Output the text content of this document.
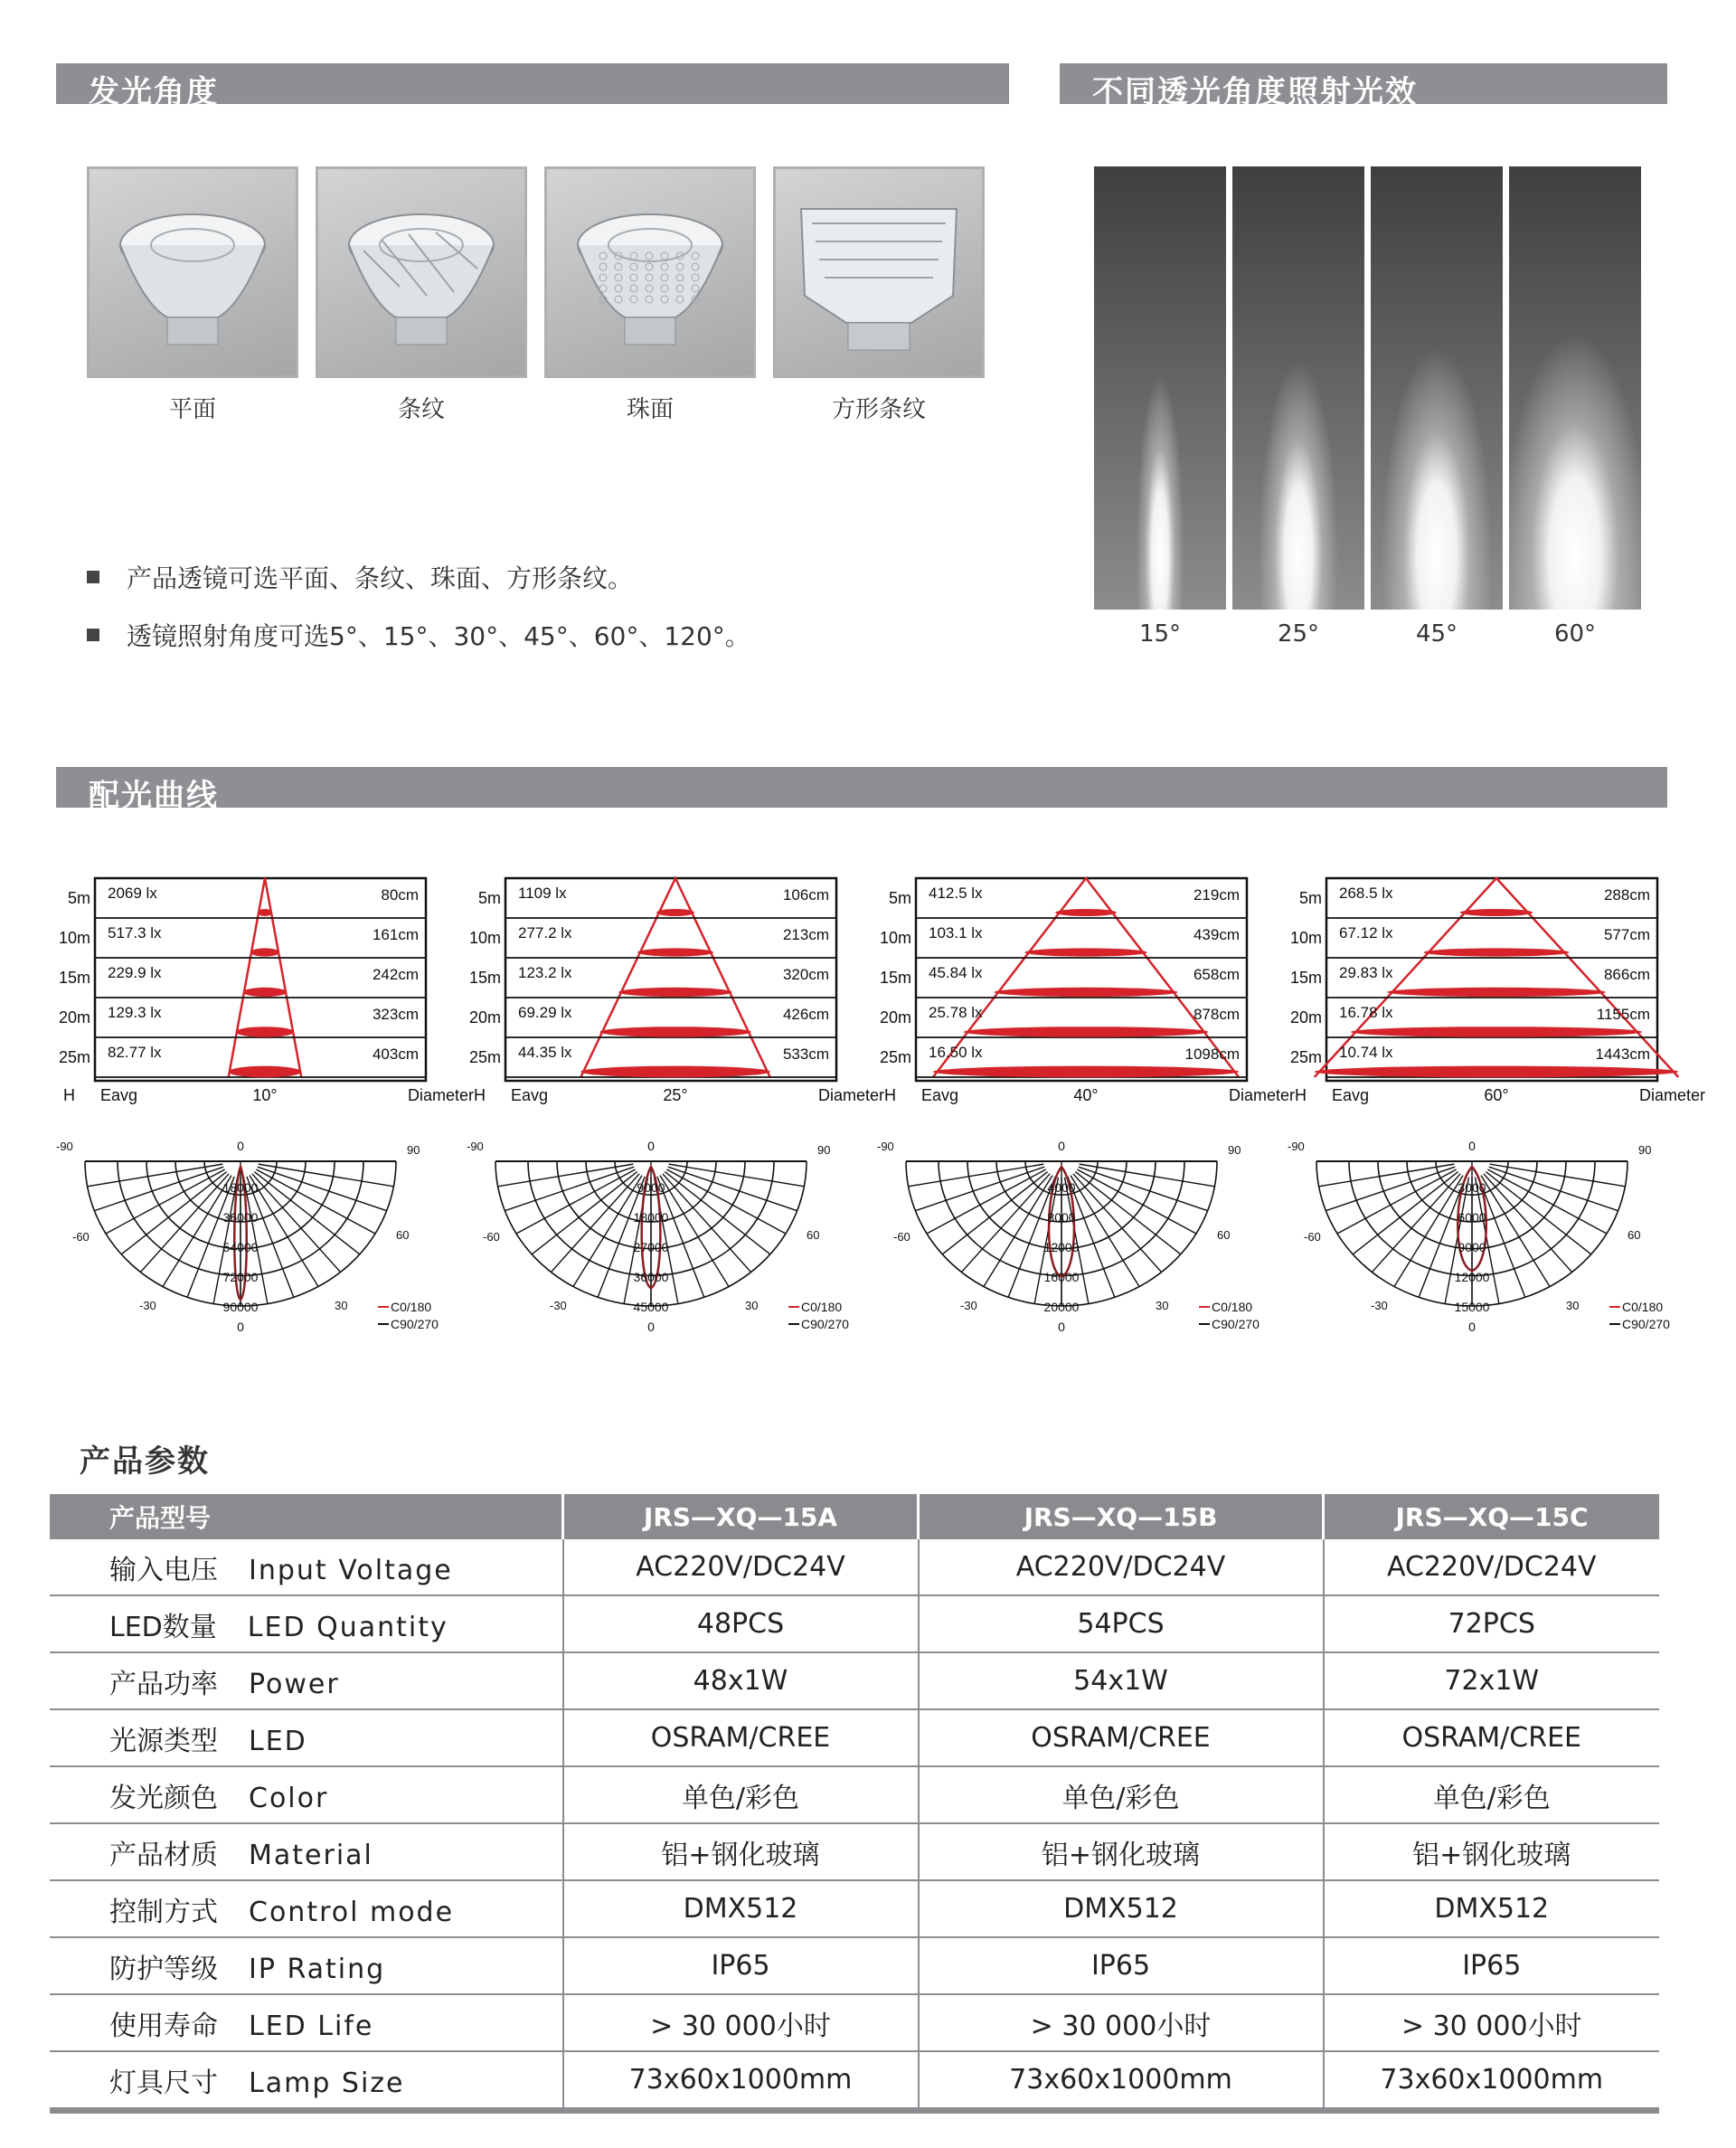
发光角度	不同透光角度照射光效
配光曲线
平面	条纹	珠面	方形条纹
产品透镜可选平面、条纹、珠面、方形条纹。
透镜照射角度可选5°、15°、30°、45°、60°、120°。	15°	25°	45°	60°
5m 2069 lx	80cm
10m 517.3 lx	161cm
15m 229.9 lx	242cm
20m 129.3 lx	323cm
25m 82.77 lx	403cm
H Eavg	10°	Diameter
18000
36000
54000
72000
90000
-90	0	90
-60	60
-30	30
0
C0/180
C90/270
5m 1109 lx	106cm
10m 277.2 lx	213cm
15m 123.2 lx	320cm
20m 69.29 lx	426cm
25m 44.35 lx	533cm
H Eavg	25°	Diameter
9000
18000
27000
36000
45000
-90	0	90
-60	60
-30	30
0
C0/180
C90/270
5m 412.5 lx	219cm
10m 103.1 lx	439cm
15m 45.84 lx	658cm
20m 25.78 lx	878cm
25m 16.50 lx	1098cm
H Eavg	40°	Diameter
4000
8000
12000
16000
20000
-90	0	90
-60	60
-30	30
0
C0/180
C90/270
5m 268.5 lx	288cm
10m 67.12 lx	577cm
15m 29.83 lx	866cm
20m 16.78 lx	1155cm
25m 10.74 lx	1443cm
H Eavg	60°	Diameter
3000
6000
9000
12000
15000
-90	0	90
-60	60
-30	30
0
C0/180
C90/270
产品参数
产品型号	JRS—XQ—15A	JRS—XQ—15B	JRS—XQ—15C
输入电压 Input Voltage	AC220V/DC24V	AC220V/DC24V	AC220V/DC24V
LED数量 LED Quantity	48PCS	54PCS	72PCS
产品功率 Power	48x1W	54x1W	72x1W
光源类型 LED	OSRAM/CREE	OSRAM/CREE	OSRAM/CREE
发光颜色 Color	单色/彩色	单色/彩色	单色/彩色
产品材质 Material	铝+钢化玻璃	铝+钢化玻璃	铝+钢化玻璃
控制方式 Control mode	DMX512	DMX512	DMX512
防护等级 IP Rating	IP65	IP65	IP65
使用寿命 LED Life	> 30 000小时	> 30 000小时	> 30 000小时
灯具尺寸 Lamp Size	73x60x1000mm	73x60x1000mm	73x60x1000mm
